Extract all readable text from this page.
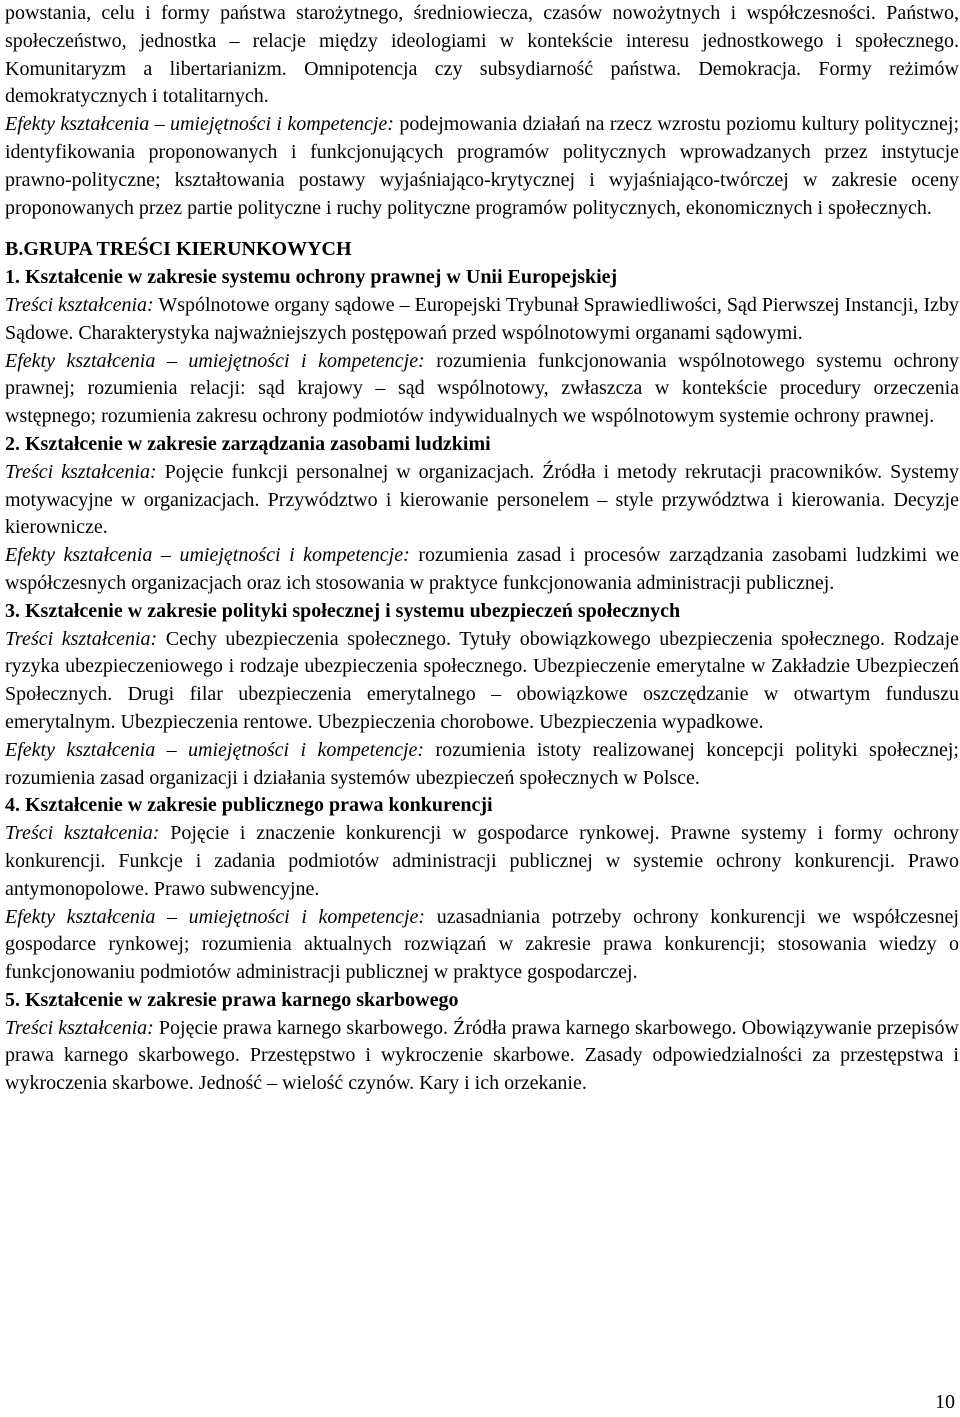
powstania, celu i formy państwa starożytnego, średniowiecza, czasów nowożytnych i współczesności. Państwo, społeczeństwo, jednostka – relacje między ideologiami w kontekście interesu jednostkowego i społecznego. Komunitaryzm a libertarianizm. Omnipotencja czy subsydiarność państwa. Demokracja. Formy reżimów demokratycznych i totalitarnych.
Efekty kształcenia – umiejętności i kompetencje: podejmowania działań na rzecz wzrostu poziomu kultury politycznej; identyfikowania proponowanych i funkcjonujących programów politycznych wprowadzanych przez instytucje prawno-polityczne; kształtowania postawy wyjaśniająco-krytycznej i wyjaśniająco-twórczej w zakresie oceny proponowanych przez partie polityczne i ruchy polityczne programów politycznych, ekonomicznych i społecznych.

B.GRUPA TREŚCI KIERUNKOWYCH
1. Kształcenie w zakresie systemu ochrony prawnej w Unii Europejskiej

Treści kształcenia: Wspólnotowe organy sądowe – Europejski Trybunał Sprawiedliwości, Sąd Pierwszej Instancji, Izby Sądowe. Charakterystyka najważniejszych postępowań przed wspólnotowymi organami sądowymi.

Efekty kształcenia – umiejętności i kompetencje: rozumienia funkcjonowania wspólnotowego systemu ochrony prawnej; rozumienia relacji: sąd krajowy – sąd wspólnotowy, zwłaszcza w kontekście procedury orzeczenia wstępnego; rozumienia zakresu ochrony podmiotów indywidualnych we wspólnotowym systemie ochrony prawnej.

2. Kształcenie w zakresie zarządzania zasobami ludzkimi

Treści kształcenia: Pojęcie funkcji personalnej w organizacjach. Źródła i metody rekrutacji pracowników. Systemy motywacyjne w organizacjach. Przywództwo i kierowanie personelem – style przywództwa i kierowania. Decyzje kierownicze.

Efekty kształcenia – umiejętności i kompetencje: rozumienia zasad i procesów zarządzania zasobami ludzkimi we współczesnych organizacjach oraz ich stosowania w praktyce funkcjonowania administracji publicznej.

3. Kształcenie w zakresie polityki społecznej i systemu ubezpieczeń społecznych

Treści kształcenia: Cechy ubezpieczenia społecznego. Tytuły obowiązkowego ubezpieczenia społecznego. Rodzaje ryzyka ubezpieczeniowego i rodzaje ubezpieczenia społecznego. Ubezpieczenie emerytalne w Zakładzie Ubezpieczeń Społecznych. Drugi filar ubezpieczenia emerytalnego – obowiązkowe oszczędzanie w otwartym funduszu emerytalnym. Ubezpieczenia rentowe. Ubezpieczenia chorobowe. Ubezpieczenia wypadkowe.

Efekty kształcenia – umiejętności i kompetencje: rozumienia istoty realizowanej koncepcji polityki społecznej; rozumienia zasad organizacji i działania systemów ubezpieczeń społecznych w Polsce.

4. Kształcenie w zakresie publicznego prawa konkurencji

Treści kształcenia: Pojęcie i znaczenie konkurencji w gospodarce rynkowej. Prawne systemy i formy ochrony konkurencji. Funkcje i zadania podmiotów administracji publicznej w systemie ochrony konkurencji. Prawo antymonopolowe. Prawo subwencyjne.

Efekty kształcenia – umiejętności i kompetencje: uzasadniania potrzeby ochrony konkurencji we współczesnej gospodarce rynkowej; rozumienia aktualnych rozwiązań w zakresie prawa konkurencji; stosowania wiedzy o funkcjonowaniu podmiotów administracji publicznej w praktyce gospodarczej.

5. Kształcenie w zakresie prawa karnego skarbowego

Treści kształcenia: Pojęcie prawa karnego skarbowego. Źródła prawa karnego skarbowego. Obowiązywanie przepisów prawa karnego skarbowego. Przestępstwo i wykroczenie skarbowe. Zasady odpowiedzialności za przestępstwa i wykroczenia skarbowe. Jedność – wielość czynów. Kary i ich orzekanie.

10
